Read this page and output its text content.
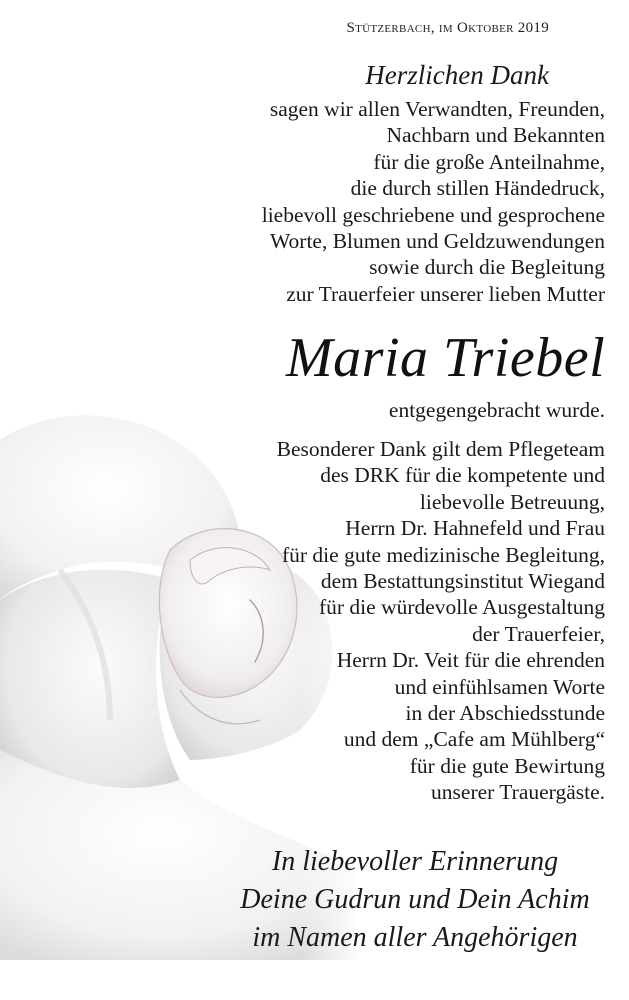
Stützerbach, im Oktober 2019
Herzlichen Dank
sagen wir allen Verwandten, Freunden,
Nachbarn und Bekannten
für die große Anteilnahme,
die durch stillen Händedruck,
liebevoll geschriebene und gesprochene
Worte, Blumen und Geldzuwendungen
sowie durch die Begleitung
zur Trauerfeier unserer lieben Mutter
Maria Triebel
entgegengebracht wurde.
Besonderer Dank gilt dem Pflegeteam
des DRK für die kompetente und
liebevolle Betreuung,
Herrn Dr. Hahnefeld und Frau
für die gute medizinische Begleitung,
dem Bestattungsinstitut Wiegand
für die würdevolle Ausgestaltung
der Trauerfeier,
Herrn Dr. Veit für die ehrenden
und einfühlsamen Worte
in der Abschiedsstunde
und dem „Cafe am Mühlberg“
für die gute Bewirtung
unserer Trauergäste.
In liebevoller Erinnerung
Deine Gudrun und Dein Achim
im Namen aller Angehörigen
